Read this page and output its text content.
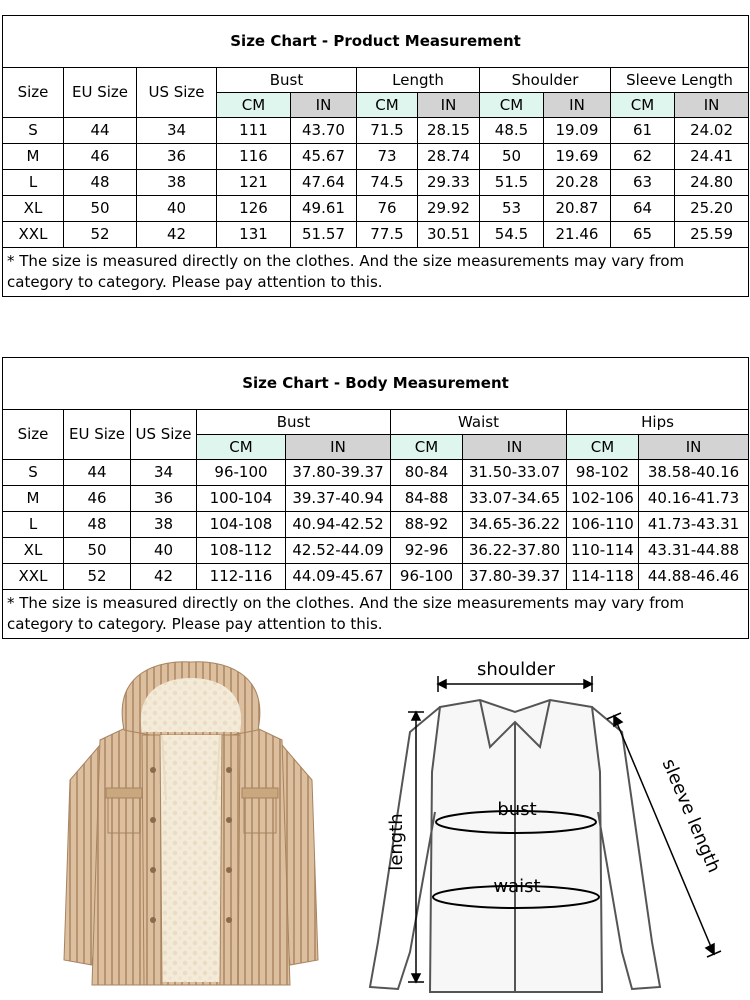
Size Chart - Product Measurement										
Size	EU Size	US Size	Bust		Length		Shoulder		Sleeve Length	
			CM	IN	CM	IN	CM	IN	CM	IN
S	44	34	111	43.70	71.5	28.15	48.5	19.09	61	24.02
M	46	36	116	45.67	73	28.74	50	19.69	62	24.41
L	48	38	121	47.64	74.5	29.33	51.5	20.28	63	24.80
XL	50	40	126	49.61	76	29.92	53	20.87	64	25.20
XXL	52	42	131	51.57	77.5	30.51	54.5	21.46	65	25.59
* The size is measured directly on the clothes. And the size measurements may vary from category to category. Please pay attention to this.										
Size Chart - Body Measurement								
Size	EU Size	US Size	Bust		Waist		Hips	
			CM	IN	CM	IN	CM	IN
S	44	34	96-100	37.80-39.37	80-84	31.50-33.07	98-102	38.58-40.16
M	46	36	100-104	39.37-40.94	84-88	33.07-34.65	102-106	40.16-41.73
L	48	38	104-108	40.94-42.52	88-92	34.65-36.22	106-110	41.73-43.31
XL	50	40	108-112	42.52-44.09	92-96	36.22-37.80	110-114	43.31-44.88
XXL	52	42	112-116	44.09-45.67	96-100	37.80-39.37	114-118	44.88-46.46
* The size is measured directly on the clothes. And the size measurements may vary from category to category. Please pay attention to this.								
shoulder
bust
waist
length	sleeve length
